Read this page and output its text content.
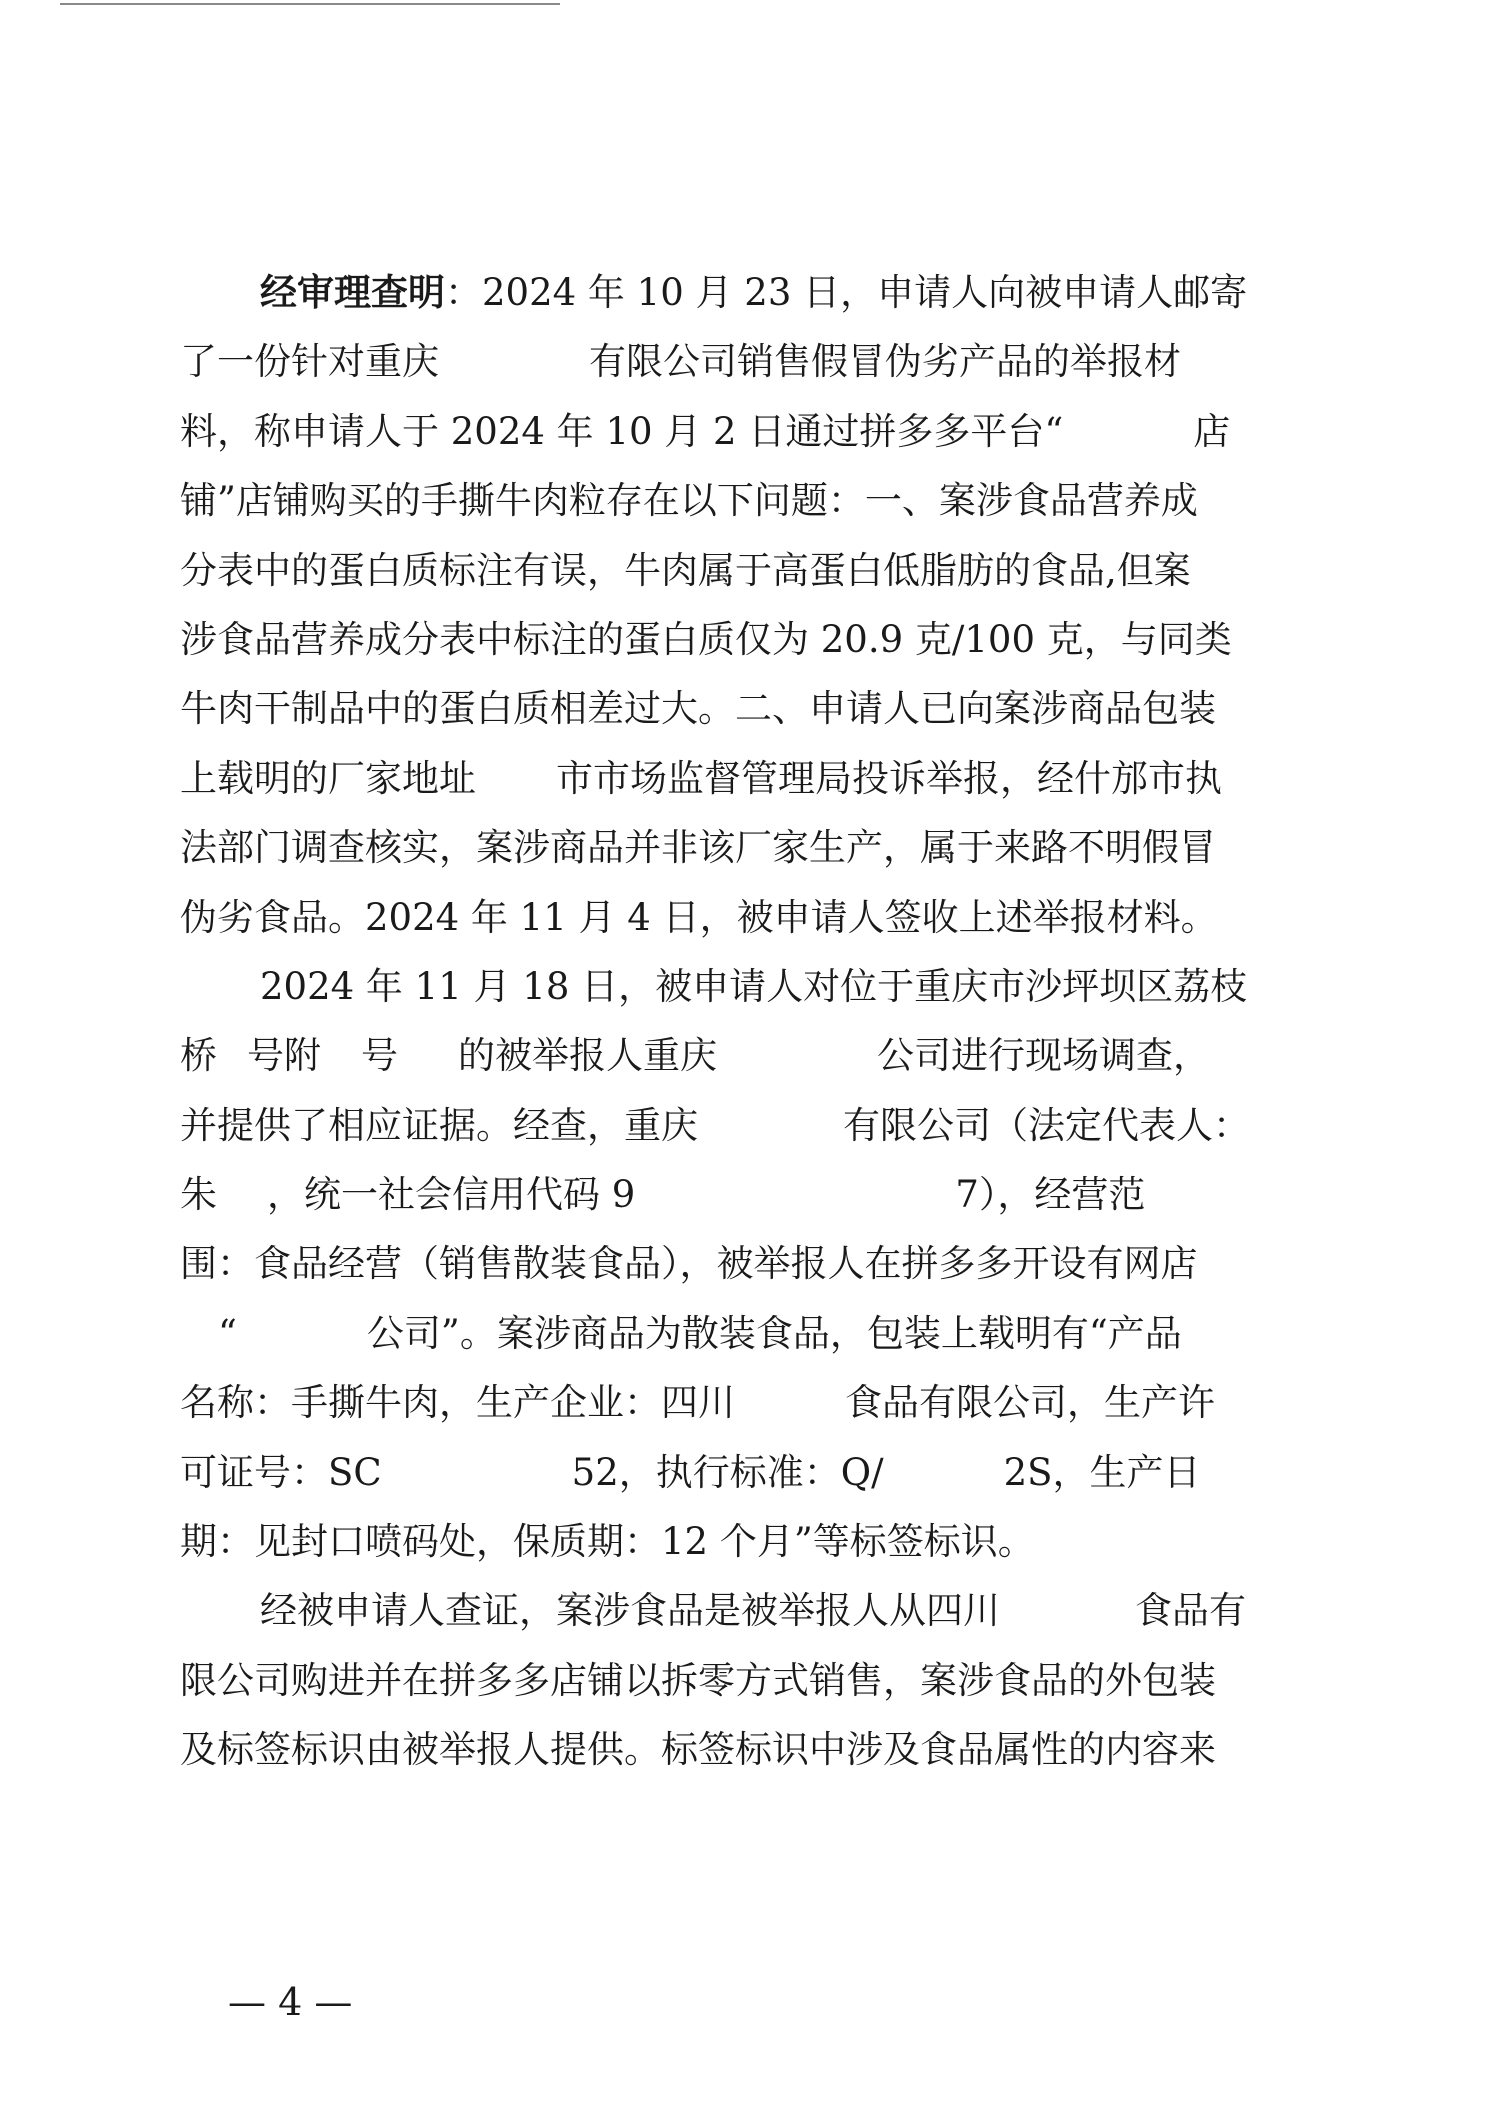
经审理查明：2024 年 10 月 23 日，申请人向被申请人邮寄
了一份针对重庆	有限公司销售假冒伪劣产品的举报材
料，称申请人于 2024 年 10 月 2 日通过拼多多平台“	店
铺”店铺购买的手撕牛肉粒存在以下问题：一、案涉食品营养成
分表中的蛋白质标注有误，牛肉属于高蛋白低脂肪的食品,但案
涉食品营养成分表中标注的蛋白质仅为 20.9 克/100 克，与同类
牛肉干制品中的蛋白质相差过大。二、申请人已向案涉商品包装
上载明的厂家地址 市市场监督管理局投诉举报，经什邡市执
法部门调查核实，案涉商品并非该厂家生产，属于来路不明假冒
伪劣食品。2024 年 11 月 4 日，被申请人签收上述举报材料。
2024 年 11 月 18 日，被申请人对位于重庆市沙坪坝区荔枝
桥 号附 号 的被举报人重庆	公司进行现场调查，
并提供了相应证据。经查，重庆	有限公司（法定代表人：
朱 ，统一社会信用代码 9	7），经营范
围：食品经营（销售散装食品），被举报人在拼多多开设有网店
“	公司”。案涉商品为散装食品，包装上载明有“产品
名称：手撕牛肉，生产企业：四川	食品有限公司，生产许
可证号：SC	52，执行标准：Q/	2S，生产日
期：见封口喷码处，保质期：12 个月”等标签标识。
经被申请人查证，案涉食品是被举报人从四川	食品有
限公司购进并在拼多多店铺以拆零方式销售，案涉食品的外包装
及标签标识由被举报人提供。标签标识中涉及食品属性的内容来
— 4 —
